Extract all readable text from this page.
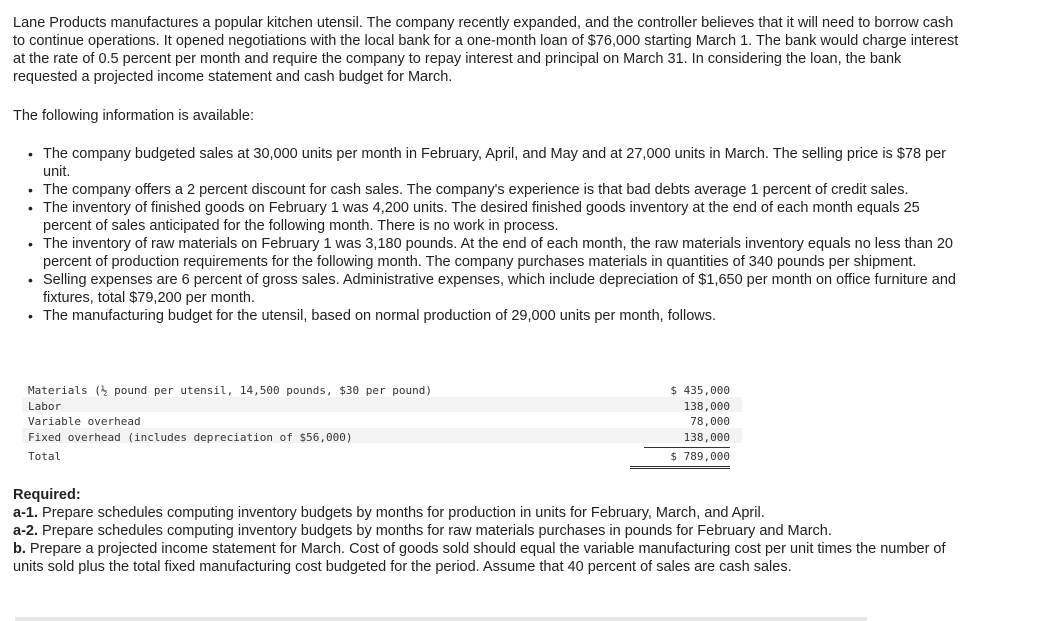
Lane Products manufactures a popular kitchen utensil. The company recently expanded, and the controller believes that it will need to borrow cash to continue operations. It opened negotiations with the local bank for a one-month loan of $76,000 starting March 1. The bank would charge interest at the rate of 0.5 percent per month and require the company to repay interest and principal on March 31. In considering the loan, the bank requested a projected income statement and cash budget for March.

The following information is available:

• The company budgeted sales at 30,000 units per month in February, April, and May and at 27,000 units in March. The selling price is $78 per unit.
• The company offers a 2 percent discount for cash sales. The company's experience is that bad debts average 1 percent of credit sales.
• The inventory of finished goods on February 1 was 4,200 units. The desired finished goods inventory at the end of each month equals 25 percent of sales anticipated for the following month. There is no work in process.
• The inventory of raw materials on February 1 was 3,180 pounds. At the end of each month, the raw materials inventory equals no less than 20 percent of production requirements for the following month. The company purchases materials in quantities of 340 pounds per shipment.
• Selling expenses are 6 percent of gross sales. Administrative expenses, which include depreciation of $1,650 per month on office furniture and fixtures, total $79,200 per month.
• The manufacturing budget for the utensil, based on normal production of 29,000 units per month, follows.
Materials (½ pound per utensil, 14,500 pounds, $30 per pound)	$ 435,000
Labor	138,000
Variable overhead	78,000
Fixed overhead (includes depreciation of $56,000)	138,000
Total	$ 789,000

Required:

a-1. Prepare schedules computing inventory budgets by months for production in units for February, March, and April.

a-2. Prepare schedules computing inventory budgets by months for raw materials purchases in pounds for February and March.

b. Prepare a projected income statement for March. Cost of goods sold should equal the variable manufacturing cost per unit times the number of units sold plus the total fixed manufacturing cost budgeted for the period. Assume that 40 percent of sales are cash sales.
